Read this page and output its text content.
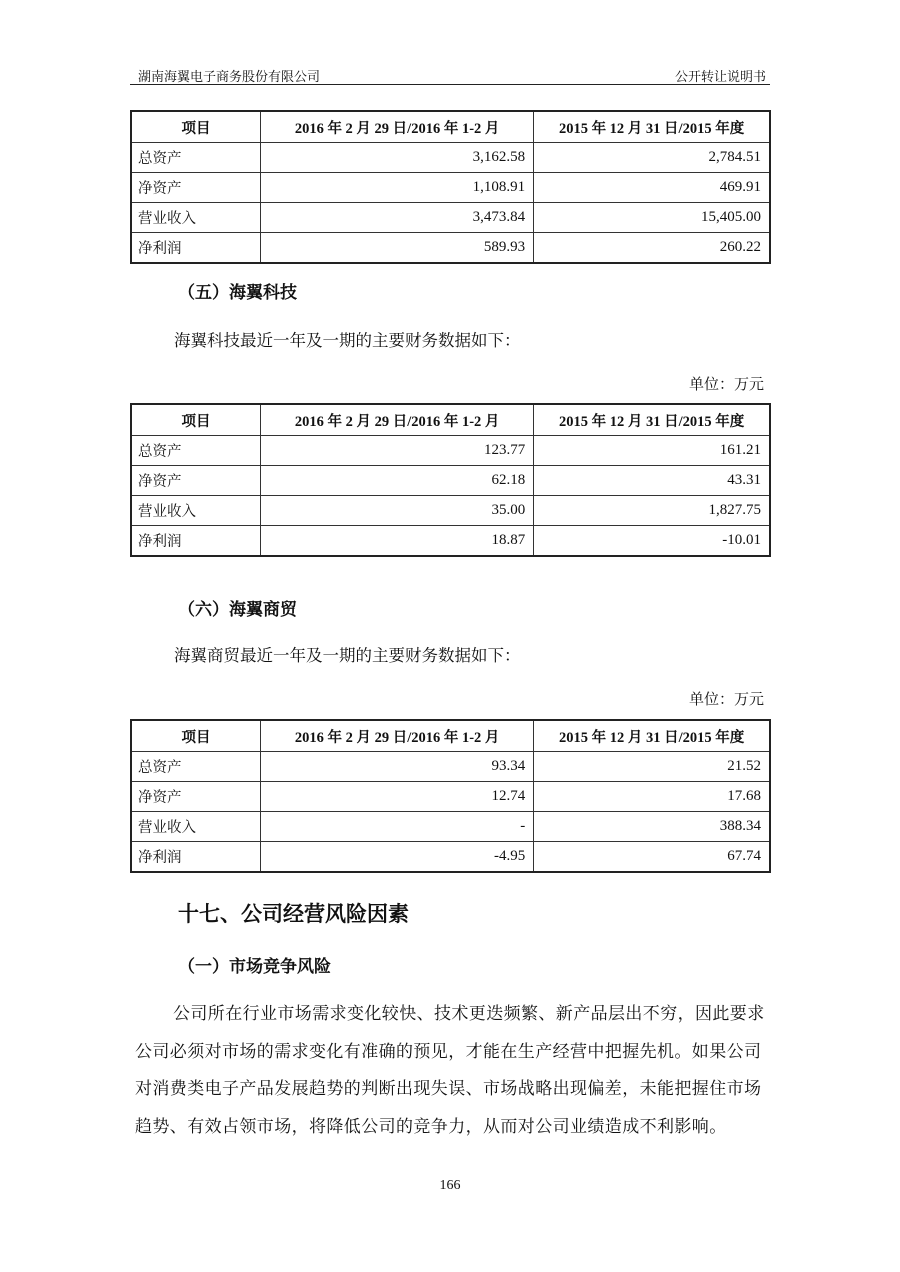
湖南海翼电子商务股份有限公司	公开转让说明书
项目	2016 年 2 月 29 日/2016 年 1-2 月	2015 年 12 月 31 日/2015 年度
总资产	3,162.58	2,784.51
净资产	1,108.91	469.91
营业收入	3,473.84	15,405.00
净利润	589.93	260.22
（五）海翼科技
海翼科技最近一年及一期的主要财务数据如下：
单位：万元
项目	2016 年 2 月 29 日/2016 年 1-2 月	2015 年 12 月 31 日/2015 年度
总资产	123.77	161.21
净资产	62.18	43.31
营业收入	35.00	1,827.75
净利润	18.87	-10.01
（六）海翼商贸
海翼商贸最近一年及一期的主要财务数据如下：
单位：万元
项目	2016 年 2 月 29 日/2016 年 1-2 月	2015 年 12 月 31 日/2015 年度
总资产	93.34	21.52
净资产	12.74	17.68
营业收入	-	388.34
净利润	-4.95	67.74
十七、公司经营风险因素
（一）市场竞争风险
公司所在行业市场需求变化较快、技术更迭频繁、新产品层出不穷，因此要求公司必须对市场的需求变化有准确的预见，才能在生产经营中把握先机。如果公司对消费类电子产品发展趋势的判断出现失误、市场战略出现偏差，未能把握住市场趋势、有效占领市场，将降低公司的竞争力，从而对公司业绩造成不利影响。
166
